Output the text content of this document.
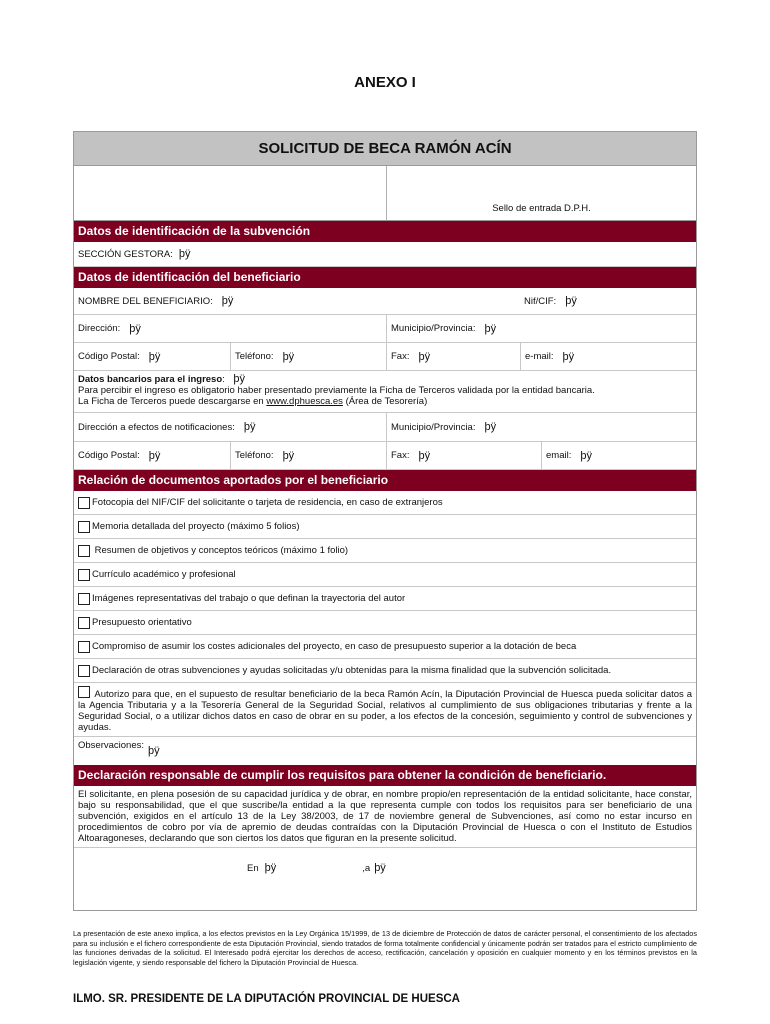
ANEXO I
SOLICITUD DE BECA RAMÓN ACÍN
Sello de entrada D.P.H.
Datos de identificación de la subvención
SECCIÓN GESTORA: þÿ
Datos de identificación del beneficiario
NOMBRE DEL BENEFICIARIO: þÿ	Nif/CIF: þÿ
Dirección: þÿ	Municipio/Provincia: þÿ
Código Postal: þÿ	Teléfono: þÿ	Fax: þÿ	e-mail: þÿ
Datos bancarios para el ingreso: þÿ
Para percibir el ingreso es obligatorio haber presentado previamente la Ficha de Terceros validada por la entidad bancaria.
La Ficha de Terceros puede descargarse en www.dphuesca.es (Área de Tesorería)
Dirección a efectos de notificaciones: þÿ	Municipio/Provincia: þÿ
Código Postal: þÿ	Teléfono: þÿ	Fax: þÿ	email: þÿ
Relación de documentos aportados por el beneficiario
Fotocopia del NIF/CIF del solicitante o tarjeta de residencia, en caso de extranjeros
Memoria detallada del proyecto (máximo 5 folios)
Resumen de objetivos y conceptos teóricos (máximo 1 folio)
Currículo académico y profesional
Imágenes representativas del trabajo o que definan la trayectoria del autor
Presupuesto orientativo
Compromiso de asumir los costes adicionales del proyecto, en caso de presupuesto superior a la dotación de beca
Declaración de otras subvenciones y ayudas solicitadas y/u obtenidas para la misma finalidad que la subvención solicitada.
Autorizo para que, en el supuesto de resultar beneficiario de la beca Ramón Acín, la Diputación Provincial de Huesca pueda solicitar datos a la Agencia Tributaria y a la Tesorería General de la Seguridad Social, relativos al cumplimiento de sus obligaciones tributarias y frente a la Seguridad Social, o a utilizar dichos datos en caso de obrar en su poder, a los efectos de la concesión, seguimiento y control de subvenciones y ayudas.
Observaciones: þÿ
Declaración responsable de cumplir los requisitos para obtener la condición de beneficiario.
El solicitante, en plena posesión de su capacidad jurídica y de obrar, en nombre propio/en representación de la entidad solicitante, hace constar, bajo su responsabilidad, que el que suscribe/la entidad a la que representa cumple con todos los requisitos para ser beneficiario de una subvención, exigidos en el artículo 13 de la Ley 38/2003, de 17 de noviembre general de Subvenciones, así como no estar incurso en procedimientos de cobro por vía de apremio de deudas contraídas con la Diputación Provincial de Huesca o con el Instituto de Estudios Altoaragoneses, declarando que son ciertos los datos que figuran en la presente solicitud.
En þÿ	,a þÿ
La presentación de este anexo implica, a los efectos previstos en la Ley Orgánica 15/1999, de 13 de diciembre de Protección de datos de carácter personal, el consentimiento de los afectados para su inclusión e el fichero correspondiente de esta Diputación Provincial, siendo tratados de forma totalmente confidencial y únicamente podrán ser tratados para el estricto cumplimiento de las funciones derivadas de la solicitud. El Interesado podrá ejercitar los derechos de acceso, rectificación, cancelación y oposición en cualquier momento y en los términos previstos en la legislación vigente, y siendo responsable del fichero la Diputación Provincial de Huesca.
ILMO. SR. PRESIDENTE DE LA DIPUTACIÓN PROVINCIAL DE HUESCA
